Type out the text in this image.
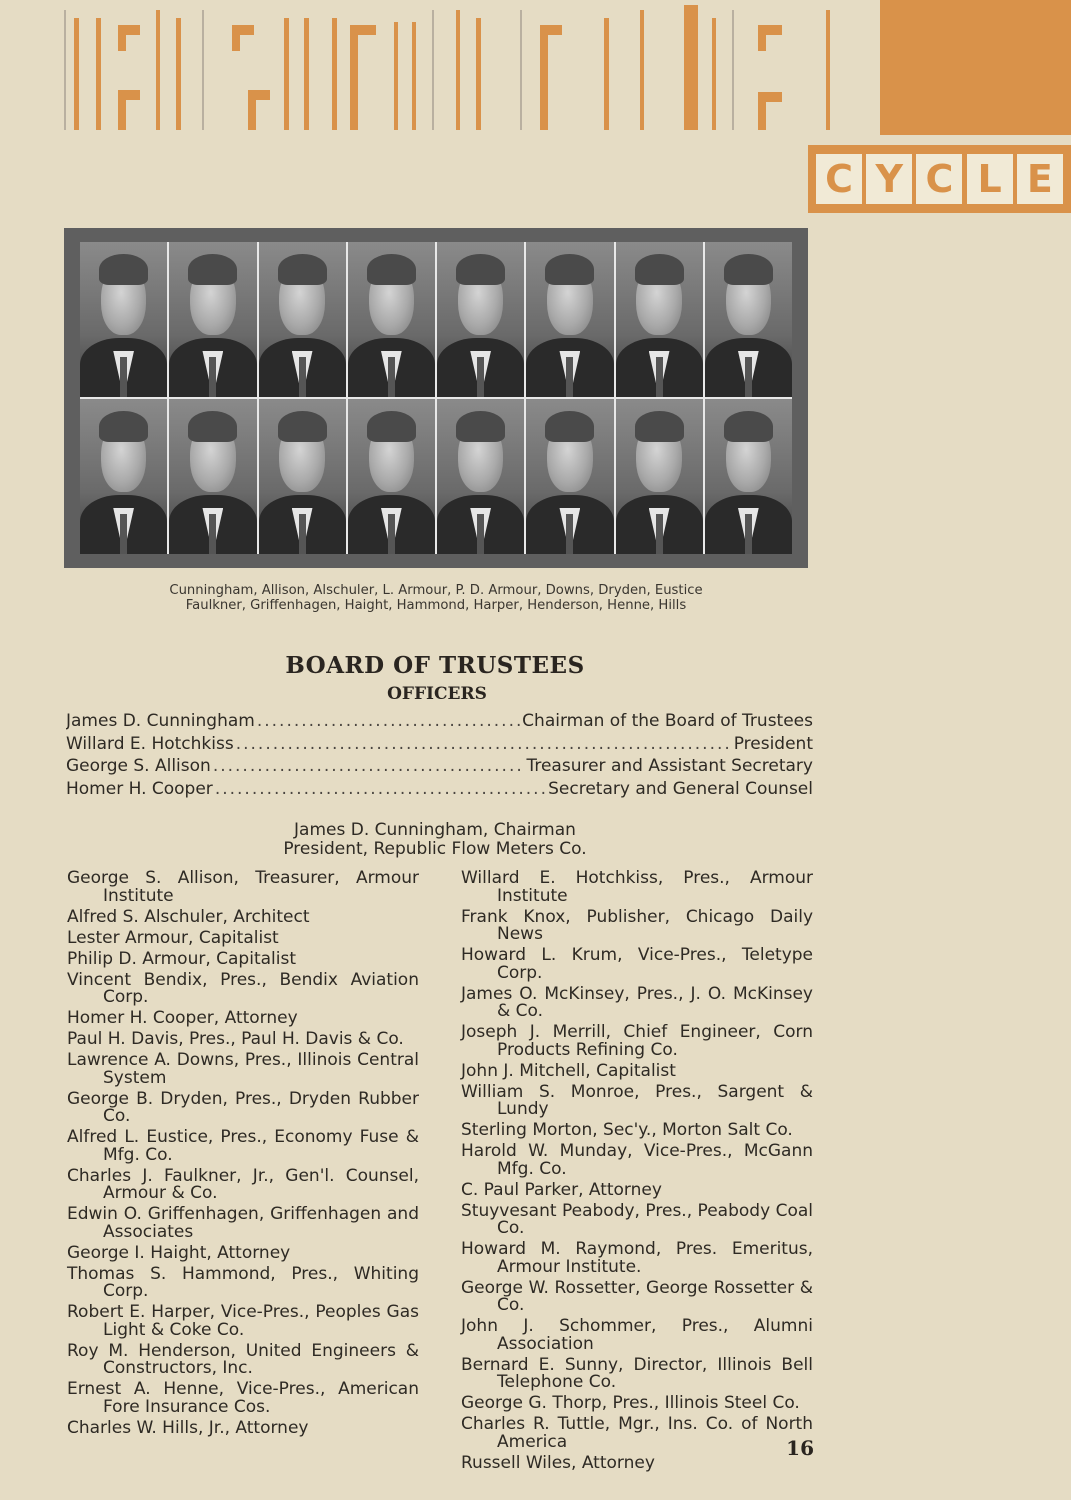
C Y C L E
Cunningham, Allison, Alschuler, L. Armour, P. D. Armour, Downs, Dryden, Eustice
Faulkner, Griffenhagen, Haight, Hammond, Harper, Henderson, Henne, Hills
BOARD OF TRUSTEES
OFFICERS
James D. Cunningham .....	Chairman of the Board of Trustees
Willard E. Hotchkiss .....	President
George S. Allison .....	Treasurer and Assistant Secretary
Homer H. Cooper .....	Secretary and General Counsel
James D. Cunningham, Chairman
President, Republic Flow Meters Co.
George S. Allison, Treasurer, Armour Institute
Alfred S. Alschuler, Architect
Lester Armour, Capitalist
Philip D. Armour, Capitalist
Vincent Bendix, Pres., Bendix Aviation Corp.
Homer H. Cooper, Attorney
Paul H. Davis, Pres., Paul H. Davis & Co.
Lawrence A. Downs, Pres., Illinois Central System
George B. Dryden, Pres., Dryden Rubber Co.
Alfred L. Eustice, Pres., Economy Fuse & Mfg. Co.
Charles J. Faulkner, Jr., Gen'l. Counsel, Armour & Co.
Edwin O. Griffenhagen, Griffenhagen and Associates
George I. Haight, Attorney
Thomas S. Hammond, Pres., Whiting Corp.
Robert E. Harper, Vice-Pres., Peoples Gas Light & Coke Co.
Roy M. Henderson, United Engineers & Constructors, Inc.
Ernest A. Henne, Vice-Pres., American Fore Insurance Cos.
Charles W. Hills, Jr., Attorney
Willard E. Hotchkiss, Pres., Armour Institute
Frank Knox, Publisher, Chicago Daily News
Howard L. Krum, Vice-Pres., Teletype Corp.
James O. McKinsey, Pres., J. O. McKinsey & Co.
Joseph J. Merrill, Chief Engineer, Corn Products Refining Co.
John J. Mitchell, Capitalist
William S. Monroe, Pres., Sargent & Lundy
Sterling Morton, Sec'y., Morton Salt Co.
Harold W. Munday, Vice-Pres., McGann Mfg. Co.
C. Paul Parker, Attorney
Stuyvesant Peabody, Pres., Peabody Coal Co.
Howard M. Raymond, Pres. Emeritus, Armour Institute.
George W. Rossetter, George Rossetter & Co.
John J. Schommer, Pres., Alumni Association
Bernard E. Sunny, Director, Illinois Bell Telephone Co.
George G. Thorp, Pres., Illinois Steel Co.
Charles R. Tuttle, Mgr., Ins. Co. of North America
Russell Wiles, Attorney
16
